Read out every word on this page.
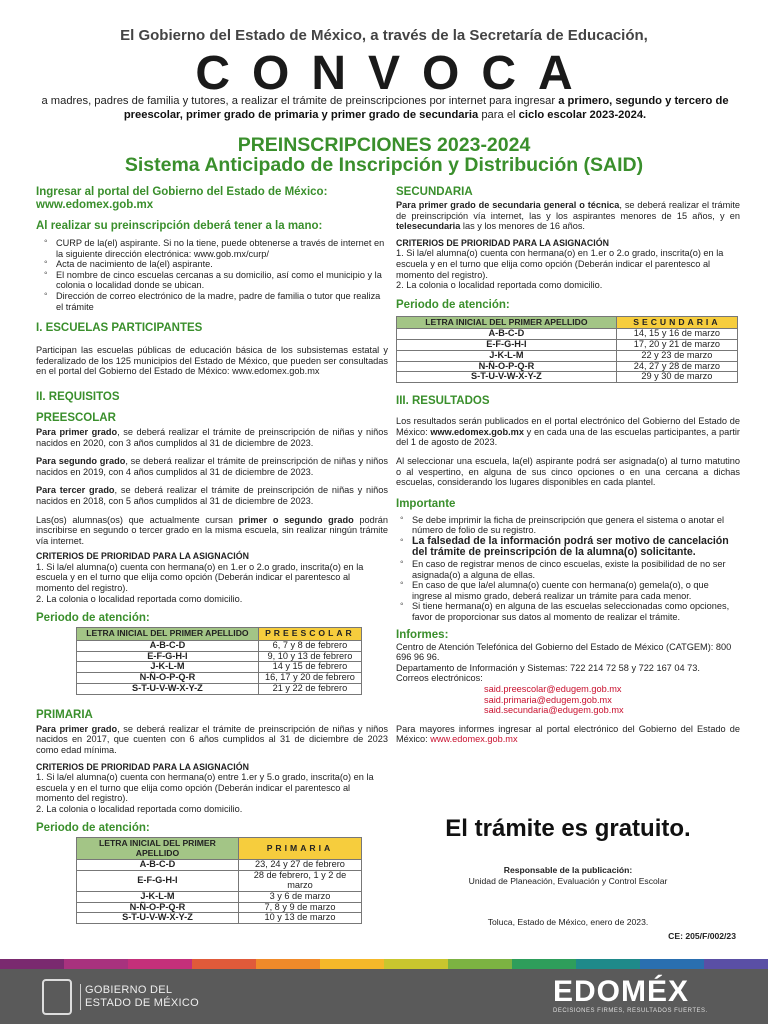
El Gobierno del Estado de México, a través de la Secretaría de Educación,
CONVOCA
a madres, padres de familia y tutores, a realizar el trámite de preinscripciones por internet para ingresar a primero, segundo y tercero de preescolar, primer grado de primaria y primer grado de secundaria para el ciclo escolar 2023-2024.
PREINSCRIPCIONES 2023-2024
Sistema Anticipado de Inscripción y Distribución (SAID)
Ingresar al portal del Gobierno del Estado de México: www.edomex.gob.mx
Al realizar su preinscripción deberá tener a la mano:
◦ CURP de la(el) aspirante. Si no la tiene, puede obtenerse a través de internet en la siguiente dirección electrónica: www.gob.mx/curp/
◦ Acta de nacimiento de la(el) aspirante.
◦ El nombre de cinco escuelas cercanas a su domicilio, así como el municipio y la colonia o localidad donde se ubican.
◦ Dirección de correo electrónico de la madre, padre de familia o tutor que realiza el trámite
I. ESCUELAS PARTICIPANTES

Participan las escuelas públicas de educación básica de los subsistemas estatal y federalizado de los 125 municipios del Estado de México, que pueden ser consultadas en el portal del Gobierno del Estado de México: www.edomex.gob.mx

II. REQUISITOS
PREESCOLAR

Para primer grado, se deberá realizar el trámite de preinscripción de niñas y niños nacidos en 2020, con 3 años cumplidos al 31 de diciembre de 2023.

Para segundo grado, se deberá realizar el trámite de preinscripción de niñas y niños nacidos en 2019, con 4 años cumplidos al 31 de diciembre de 2023.

Para tercer grado, se deberá realizar el trámite de preinscripción de niñas y niños nacidos en 2018, con 5 años cumplidos al 31 de diciembre de 2023.

Las(os) alumnas(os) que actualmente cursan primer o segundo grado podrán inscribirse en segundo o tercer grado en la misma escuela, sin realizar ningún trámite vía internet.

CRITERIOS DE PRIORIDAD PARA LA ASIGNACIÓN
1. Si la/el alumna(o) cuenta con hermana(o) en 1.er o 2.o grado, inscrita(o) en la escuela y en el turno que elija como opción (Deberán indicar el parentesco al momento del registro).
2. La colonia o localidad reportada como domicilio.
Periodo de atención:
LETRA INICIAL DEL PRIMER APELLIDO	PREESCOLAR
A-B-C-D	6, 7 y 8 de febrero
E-F-G-H-I	9, 10 y 13 de febrero
J-K-L-M	14 y 15 de febrero
N-Ñ-O-P-Q-R	16, 17 y 20 de febrero
S-T-U-V-W-X-Y-Z	21 y 22 de febrero
PRIMARIA

Para primer grado, se deberá realizar el trámite de preinscripción de niñas y niños nacidos en 2017, que cuenten con 6 años cumplidos al 31 de diciembre de 2023 como edad mínima.

CRITERIOS DE PRIORIDAD PARA LA ASIGNACIÓN
1. Si la/el alumna(o) cuenta con hermana(o) entre 1.er y 5.o grado, inscrita(o) en la escuela y en el turno que elija como opción (Deberán indicar el parentesco al momento del registro).
2. La colonia o localidad reportada como domicilio.
Periodo de atención:
LETRA INICIAL DEL PRIMER APELLIDO	PRIMARIA
A-B-C-D	23, 24 y 27 de febrero
E-F-G-H-I	28 de febrero, 1 y 2 de marzo
J-K-L-M	3 y 6 de marzo
N-Ñ-O-P-Q-R	7, 8 y 9 de marzo
S-T-U-V-W-X-Y-Z	10 y 13 de marzo
SECUNDARIA

Para primer grado de secundaria general o técnica, se deberá realizar el trámite de preinscripción vía internet, las y los aspirantes menores de 15 años, y en telesecundaria las y los menores de 16 años.

CRITERIOS DE PRIORIDAD PARA LA ASIGNACIÓN
1. Si la/el alumna(o) cuenta con hermana(o) en 1.er o 2.o grado, inscrita(o) en la escuela y en el turno que elija como opción (Deberán indicar el parentesco al momento del registro).
2. La colonia o localidad reportada como domicilio.
Periodo de atención:
LETRA INICIAL DEL PRIMER APELLIDO	SECUNDARIA
A-B-C-D	14, 15 y 16 de marzo
E-F-G-H-I	17, 20 y 21 de marzo
J-K-L-M	22 y 23 de marzo
N-Ñ-O-P-Q-R	24, 27 y 28 de marzo
S-T-U-V-W-X-Y-Z	29 y 30 de marzo
III. RESULTADOS

Los resultados serán publicados en el portal electrónico del Gobierno del Estado de México: www.edomex.gob.mx y en cada una de las escuelas participantes, a partir del 1 de agosto de 2023.

Al seleccionar una escuela, la(el) aspirante podrá ser asignada(o) al turno matutino o al vespertino, en alguna de sus cinco opciones o en una cercana a dichas escuelas, considerando los lugares disponibles en cada plantel.

Importante
◦ Se debe imprimir la ficha de preinscripción que genera el sistema o anotar el número de folio de su registro.
◦ La falsedad de la información podrá ser motivo de cancelación del trámite de preinscripción de la alumna(o) solicitante.
◦ En caso de registrar menos de cinco escuelas, existe la posibilidad de no ser asignada(o) a alguna de ellas.
◦ En caso de que la/el alumna(o) cuente con hermana(o) gemela(o), o que ingrese al mismo grado, deberá realizar un trámite para cada menor.
◦ Si tiene hermana(o) en alguna de las escuelas seleccionadas como opciones, favor de proporcionar sus datos al momento de realizar el trámite.
Informes:
Centro de Atención Telefónica del Gobierno del Estado de México (CATGEM): 800 696 96 96.
Departamento de Información y Sistemas: 722 214 72 58 y 722 167 04 73.
Correos electrónicos:
said.preescolar@edugem.gob.mx
said.primaria@edugem.gob.mx
said.secundaria@edugem.gob.mx

Para mayores informes ingresar al portal electrónico del Gobierno del Estado de México: www.edomex.gob.mx

El trámite es gratuito.
Responsable de la publicación:
Unidad de Planeación, Evaluación y Control Escolar
Toluca, Estado de México, enero de 2023.
CE: 205/F/002/23
GOBIERNO DEL
ESTADO DE MÉXICO	EDOMÉX
DECISIONES FIRMES, RESULTADOS FUERTES.
